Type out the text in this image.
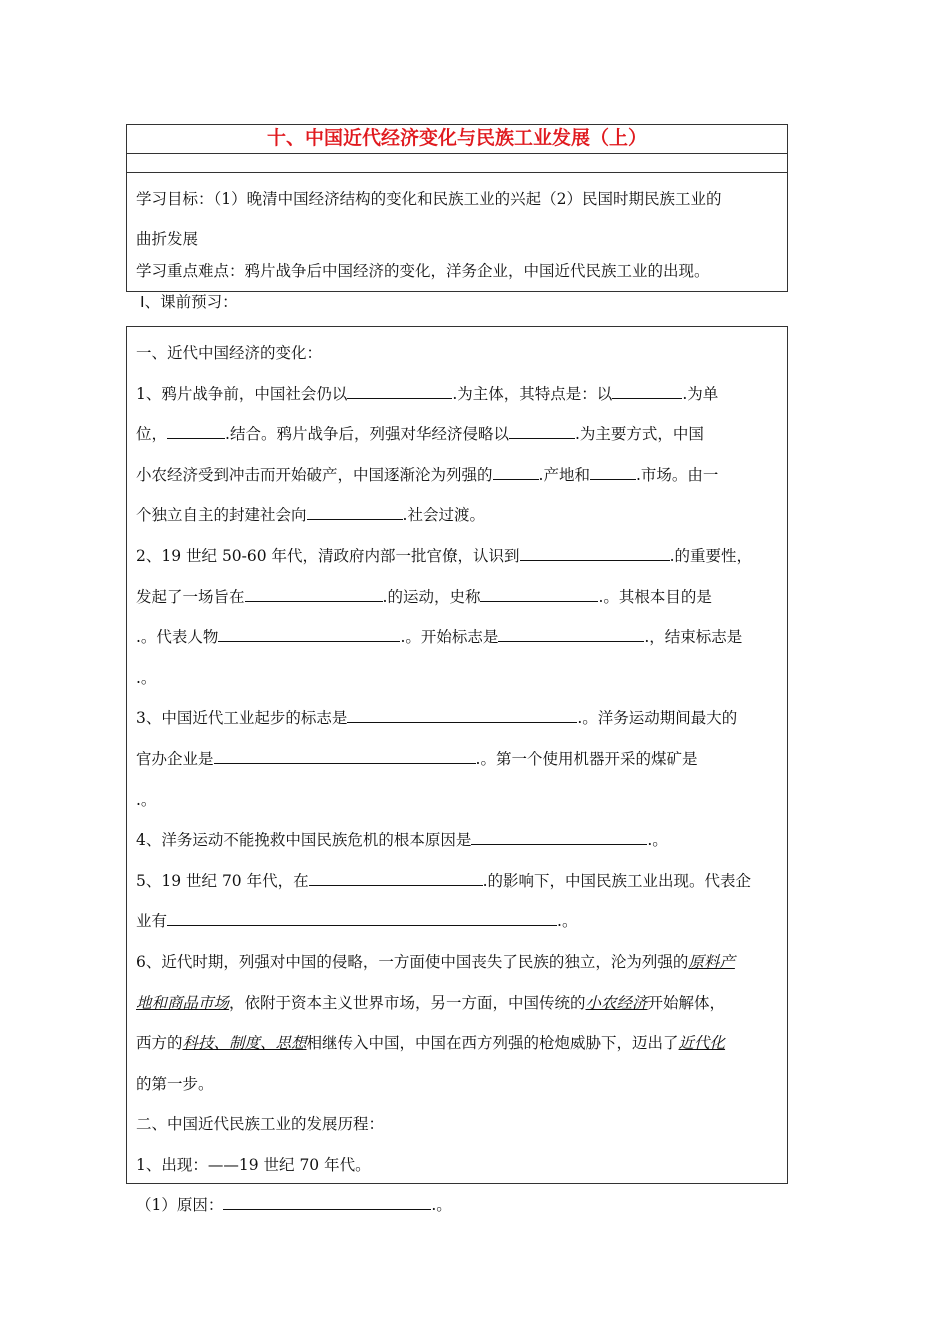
十、中国近代经济变化与民族工业发展（上）
学习目标：（1）晚清中国经济结构的变化和民族工业的兴起（2）民国时期民族工业的
曲折发展
学习重点难点：鸦片战争后中国经济的变化，洋务企业，中国近代民族工业的出现。
Ⅰ、课前预习：
一、近代中国经济的变化：
1、鸦片战争前，中国社会仍以	.为主体，其特点是：以	.为单
位，	.结合。鸦片战争后，列强对华经济侵略以	.为主要方式，中国
小农经济受到冲击而开始破产，中国逐渐沦为列强的	.产地和	.市场。由一
个独立自主的封建社会向	.社会过渡。
2、19 世纪 50-60 年代，清政府内部一批官僚，认识到	.的重要性，
发起了一场旨在	.的运动，史称	.。其根本目的是
.。代表人物	.。开始标志是	.，结束标志是
.。
3、中国近代工业起步的标志是	.。洋务运动期间最大的
官办企业是	.。第一个使用机器开采的煤矿是
.。
4、洋务运动不能挽救中国民族危机的根本原因是	.。
5、19 世纪 70 年代，在	.的影响下，中国民族工业出现。代表企
业有	.。
6、近代时期，列强对中国的侵略，一方面使中国丧失了民族的独立，沦为列强的原料产
地和商品市场，依附于资本主义世界市场，另一方面，中国传统的小农经济开始解体，
西方的科技、制度、思想相继传入中国，中国在西方列强的枪炮威胁下，迈出了近代化
的第一步。
二、中国近代民族工业的发展历程：
1、出现：——19 世纪 70 年代。
（1）原因：	.。
